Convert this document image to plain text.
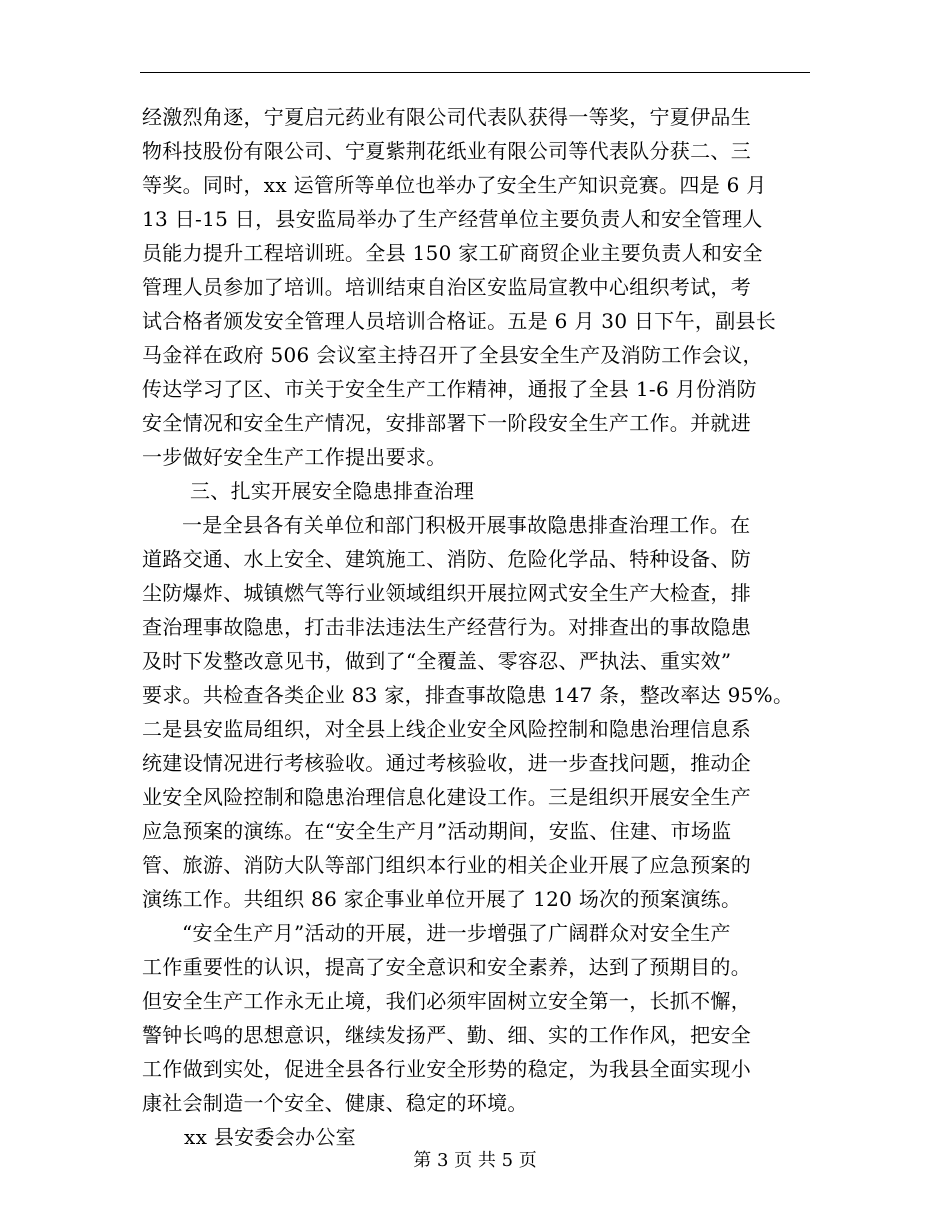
经激烈角逐，宁夏启元药业有限公司代表队获得一等奖，宁夏伊品生
物科技股份有限公司、宁夏紫荆花纸业有限公司等代表队分获二、三
等奖。同时，xx 运管所等单位也举办了安全生产知识竞赛。四是 6 月
13 日-15 日，县安监局举办了生产经营单位主要负责人和安全管理人
员能力提升工程培训班。全县 150 家工矿商贸企业主要负责人和安全
管理人员参加了培训。培训结束自治区安监局宣教中心组织考试，考
试合格者颁发安全管理人员培训合格证。五是 6 月 30 日下午，副县长
马金祥在政府 506 会议室主持召开了全县安全生产及消防工作会议，
传达学习了区、市关于安全生产工作精神，通报了全县 1-6 月份消防
安全情况和安全生产情况，安排部署下一阶段安全生产工作。并就进
一步做好安全生产工作提出要求。
三、扎实开展安全隐患排查治理
一是全县各有关单位和部门积极开展事故隐患排查治理工作。在
道路交通、水上安全、建筑施工、消防、危险化学品、特种设备、防
尘防爆炸、城镇燃气等行业领域组织开展拉网式安全生产大检查，排
查治理事故隐患，打击非法违法生产经营行为。对排查出的事故隐患
及时下发整改意见书，做到了“全覆盖、零容忍、严执法、重实效”
要求。共检查各类企业 83 家，排查事故隐患 147 条，整改率达 95%。
二是县安监局组织，对全县上线企业安全风险控制和隐患治理信息系
统建设情况进行考核验收。通过考核验收，进一步查找问题，推动企
业安全风险控制和隐患治理信息化建设工作。三是组织开展安全生产
应急预案的演练。在“安全生产月”活动期间，安监、住建、市场监
管、旅游、消防大队等部门组织本行业的相关企业开展了应急预案的
演练工作。共组织 86 家企事业单位开展了 120 场次的预案演练。
“安全生产月”活动的开展，进一步增强了广阔群众对安全生产
工作重要性的认识，提高了安全意识和安全素养，达到了预期目的。
但安全生产工作永无止境，我们必须牢固树立安全第一，长抓不懈，
警钟长鸣的思想意识，继续发扬严、勤、细、实的工作作风，把安全
工作做到实处，促进全县各行业安全形势的稳定，为我县全面实现小
康社会制造一个安全、健康、稳定的环境。
xx 县安委会办公室
第 3 页 共 5 页
